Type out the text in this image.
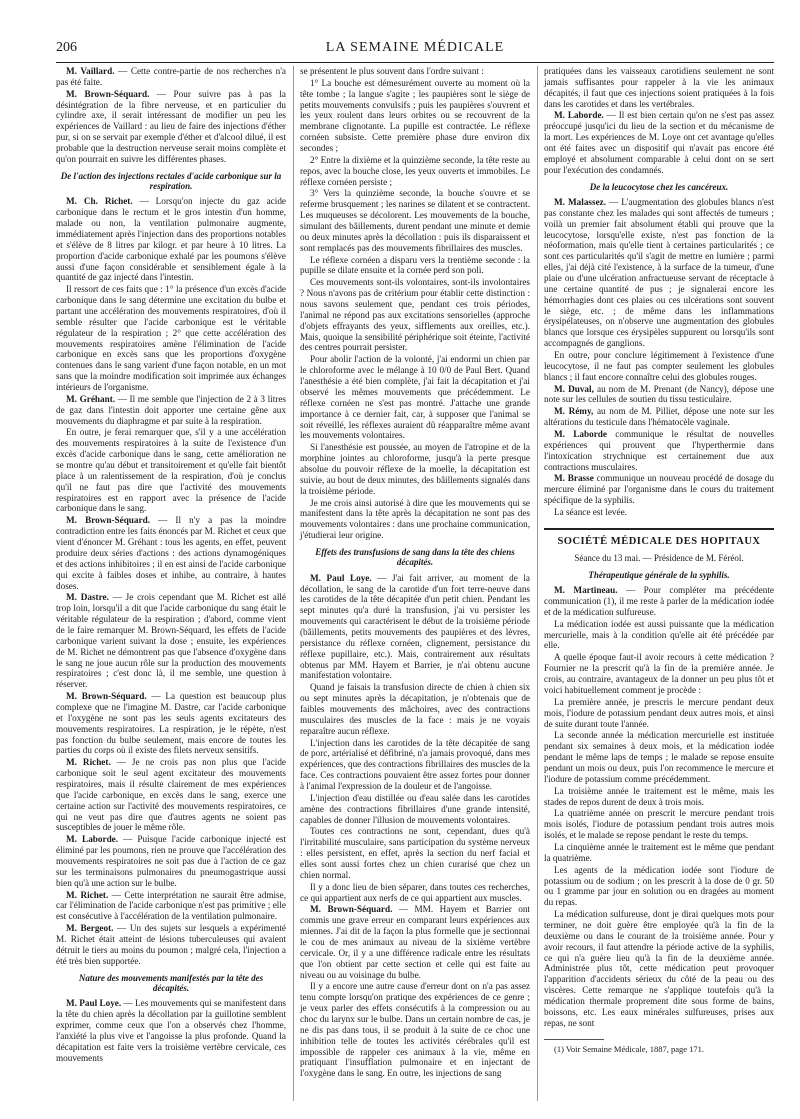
206	LA SEMAINE MÉDICALE

M. Vaillard. — Cette contre-partie de nos recherches n'a pas été faite.

M. Brown-Séquard. — Pour suivre pas à pas la désintégration de la fibre nerveuse, et en particulier du cylindre axe, il serait intéressant de modifier un peu les expériences de Vaillard : au lieu de faire des injections d'éther pur, si on se servait par exemple d'éther et d'alcool dilué, il est probable que la destruction nerveuse serait moins complète et qu'on pourrait en suivre les différentes phases.

De l'action des injections rectales d'acide carbonique sur la respiration.

M. Ch. Richet. — Lorsqu'on injecte du gaz acide carbonique dans le rectum et le gros intestin d'un homme, malade ou non, la ventilation pulmonaire augmente, immédiatement après l'injection dans des proportions notables et s'élève de 8 litres par kilogr. et par heure à 10 litres. La proportion d'acide carbonique exhalé par les poumons s'élève aussi d'une façon considérable et sensiblement égale à la quantité de gaz injecté dans l'intestin.

Il ressort de ces faits que : 1° la présence d'un excès d'acide carbonique dans le sang détermine une excitation du bulbe et partant une accélération des mouvements respiratoires, d'où il semble résulter que l'acide carbonique est le véritable régulateur de la respiration ; 2° que cette accélération des mouvements respiratoires amène l'élimination de l'acide carbonique en excès sans que les proportions d'oxygène contenues dans le sang varient d'une façon notable, en un mot sans que la moindre modification soit imprimée aux échanges intérieurs de l'organisme.

M. Gréhant. — Il me semble que l'injection de 2 à 3 litres de gaz dans l'intestin doit apporter une certaine gêne aux mouvements du diaphragme et par suite à la respiration.

En outre, je ferai remarquer que, s'il y a une accélération des mouvements respiratoires à la suite de l'existence d'un excès d'acide carbonique dans le sang, cette amélioration ne se montre qu'au début et transitoirement et qu'elle fait bientôt place à un ralentissement de la respiration, d'où je conclus qu'il ne faut pas dire que l'activité des mouvements respiratoires est en rapport avec la présence de l'acide carbonique dans le sang.

M. Brown-Séquard. — Il n'y a pas la moindre contradiction entre les faits énoncés par M. Richet et ceux que vient d'énoncer M. Gréhant : tous les agents, en effet, peuvent produire deux séries d'actions : des actions dynamogéniques et des actions inhibitoires ; il en est ainsi de l'acide carbonique qui excite à faibles doses et inhibe, au contraire, à hautes doses.

M. Dastre. — Je crois cependant que M. Richet est allé trop loin, lorsqu'il a dit que l'acide carbonique du sang était le véritable régulateur de la respiration ; d'abord, comme vient de le faire remarquer M. Brown-Séquard, les effets de l'acide carbonique varient suivant la dose ; ensuite, les expériences de M. Richet ne démontrent pas que l'absence d'oxygène dans le sang ne joue aucun rôle sur la production des mouvements respiratoires ; c'est donc là, il me semble, une question à réserver.

M. Brown-Séquard. — La question est beaucoup plus complexe que ne l'imagine M. Dastre, car l'acide carbonique et l'oxygène ne sont pas les seuls agents excitateurs des mouvements respiratoires. La respiration, je le répète, n'est pas fonction du bulbe seulement, mais encore de toutes les parties du corps où il existe des filets nerveux sensitifs.

M. Richet. — Je ne crois pas non plus que l'acide carbonique soit le seul agent excitateur des mouvements respiratoires, mais il résulte clairement de mes expériences que l'acide carbonique, en excès dans le sang, exerce une certaine action sur l'activité des mouvements respiratoires, ce qui ne veut pas dire que d'autres agents ne soient pas susceptibles de jouer le même rôle.

M. Laborde. — Puisque l'acide carbonique injecté est éliminé par les poumons, rien ne prouve que l'accélération des mouvements respiratoires ne soit pas due à l'action de ce gaz sur les terminaisons pulmonaires du pneumogastrique aussi bien qu'à une action sur le bulbe.

M. Richet. — Cette interprétation ne saurait être admise, car l'élimination de l'acide carbonique n'est pas primitive ; elle est consécutive à l'accélération de la ventilation pulmonaire.

M. Bergeot. — Un des sujets sur lesquels a expérimenté M. Richet était atteint de lésions tuberculeuses qui avaient détruit le tiers au moins du poumon ; malgré cela, l'injection a été très bien supportée.

Nature des mouvements manifestés par la tête des décapités.

M. Paul Loye. — Les mouvements qui se manifestent dans la tête du chien après la décollation par la guillotine semblent exprimer, comme ceux que l'on a observés chez l'homme, l'anxiété la plus vive et l'angoisse la plus profonde. Quand la décapitation est faite vers la troisième vertèbre cervicale, ces mouvements

se présentent le plus souvent dans l'ordre suivant :

1° La bouche est démesurément ouverte au moment où la tête tombe ; la langue s'agite ; les paupières sont le siège de petits mouvements convulsifs ; puis les paupières s'ouvrent et les yeux roulent dans leurs orbites ou se recouvrent de la membrane clignotante. La pupille est contractée. Le réflexe cornéen subsiste. Cette première phase dure environ dix secondes ;

2° Entre la dixième et la quinzième seconde, la tête reste au repos, avec la bouche close, les yeux ouverts et immobiles. Le réflexe cornéen persiste ;

3° Vers la quinzième seconde, la bouche s'ouvre et se referme brusquement ; les narines se dilatent et se contractent. Les muqueuses se décolorent. Les mouvements de la bouche, simulant des bâillements, durent pendant une minute et demie ou deux minutes après la décollation : puis ils disparaissent et sont remplacés pas des mouvements fibrillaires des muscles.

Le réflexe cornéen a disparu vers la trentième seconde : la pupille se dilate ensuite et la cornée perd son poli.

Ces mouvements sont-ils volontaires, sont-ils involontaires ? Nous n'avons pas de critérium pour établir cette distinction : nous savons seulement que, pendant ces trois périodes, l'animal ne répond pas aux excitations sensorielles (approche d'objets effrayants des yeux, sifflements aux oreilles, etc.). Mais, quoique la sensibilité périphérique soit éteinte, l'activité des centres pourrait persister.

Pour abolir l'action de la volonté, j'ai endormi un chien par le chloroforme avec le mélange à 10 0/0 de Paul Bert. Quand l'anesthésie a été bien complète, j'ai fait la décapitation et j'ai observé les mêmes mouvements que précédemment. Le réflexe cornéen ne s'est pas montré. J'attache une grande importance à ce dernier fait, car, à supposer que l'animal se soit réveillé, les réflexes auraient dû réapparaître même avant les mouvements volontaires.

Si l'anesthésie est poussée, au moyen de l'atropine et de la morphine jointes au chloroforme, jusqu'à la perte presque absolue du pouvoir réflexe de la moelle, la décapitation est suivie, au bout de deux minutes, des bâillements signalés dans la troisième période.

Je me crois ainsi autorisé à dire que les mouvements qui se manifestent dans la tête après la décapitation ne sont pas des mouvements volontaires : dans une prochaine communication, j'étudierai leur origine.

Effets des transfusions de sang dans la tête des chiens décapités.

M. Paul Loye. — J'ai fait arriver, au moment de la décollation, le sang de la carotide d'un fort terre-neuve dans les carotides de la tête décapitée d'un petit chien. Pendant les sept minutes qu'a duré la transfusion, j'ai vu persister les mouvements qui caractérisent le début de la troisième période (bâillements, petits mouvements des paupières et des lèvres, persistance du réflexe cornéen, clignement, persistance du réflexe pupillaire, etc.). Mais, contrairement aux résultats obtenus par MM. Hayem et Barrier, je n'ai obtenu aucune manifestation volontaire.

Quand je faisais la transfusion directe de chien à chien six ou sept minutes après la décapitation, je n'obtenais que de faibles mouvements des mâchoires, avec des contractions musculaires des muscles de la face : mais je ne voyais reparaître aucun réflexe.

L'injection dans les carotides de la tête décapitée de sang de porc, artérialisé et défibriné, n'a jamais provoqué, dans mes expériences, que des contractions fibrillaires des muscles de la face. Ces contractions pouvaient être assez fortes pour donner à l'animal l'expression de la douleur et de l'angoisse.

L'injection d'eau distillée ou d'eau salée dans les carotides amène des contractions fibrillaires d'une grande intensité, capables de donner l'illusion de mouvements volontaires.

Toutes ces contractions ne sont, cependant, dues qu'à l'irritabilité musculaire, sans participation du système nerveux : elles persistent, en effet, après la section du nerf facial et elles sont aussi fortes chez un chien curarisé que chez un chien normal.

Il y a donc lieu de bien séparer, dans toutes ces recherches, ce qui appartient aux nerfs de ce qui appartient aux muscles.

M. Brown-Séquard. — MM. Hayem et Barrier ont commis une grave erreur en comparant leurs expériences aux miennes. J'ai dit de la façon la plus formelle que je sectionnai le cou de mes animaux au niveau de la sixième vertèbre cervicale. Or, il y a une différence radicale entre les résultats que l'on obtient par cette section et celle qui est faite au niveau ou au voisinage du bulbe.

Il y a encore une autre cause d'erreur dont on n'a pas assez tenu compte lorsqu'on pratique des expériences de ce genre ; je veux parler des effets consécutifs à la compression ou au choc du larynx sur le bulbe. Dans un certain nombre de cas, je ne dis pas dans tous, il se produit à la suite de ce choc une inhibition telle de toutes les activités cérébrales qu'il est impossible de rappeler ces animaux à la vie, même en pratiquant l'insufflation pulmonaire et en injectant de l'oxygène dans le sang. En outre, les injections de sang

pratiquées dans les vaisseaux carotidiens seulement ne sont jamais suffisantes pour rappeler à la vie les animaux décapités, il faut que ces injections soient pratiquées à la fois dans les carotides et dans les vertébrales.

M. Laborde. — Il est bien certain qu'on ne s'est pas assez préoccupé jusqu'ici du lieu de la section et du mécanisme de la mort. Les expériences de M. Loye ont cet avantage qu'elles ont été faites avec un dispositif qui n'avait pas encore été employé et absolument comparable à celui dont on se sert pour l'exécution des condamnés.

De la leucocytose chez les cancéreux.

M. Malassez. — L'augmentation des globules blancs n'est pas constante chez les malades qui sont affectés de tumeurs ; voilà un premier fait absolument établi qui prouve que la leucocytose, lorsqu'elle existe, n'est pas fonction de la néoformation, mais qu'elle tient à certaines particularités ; ce sont ces particularités qu'il s'agit de mettre en lumière ; parmi elles, j'ai déjà cité l'existence, à la surface de la tumeur, d'une plaie ou d'une ulcération anfractueuse servant de réceptacle à une certaine quantité de pus ; je signalerai encore les hémorrhagies dont ces plaies ou ces ulcérations sont souvent le siège, etc. ; de même dans les inflammations érysipélateuses, on n'observe une augmentation des globules blancs que lorsque ces érysipèles suppurent ou lorsqu'ils sont accompagnés de ganglions.

En outre, pour conclure légitimement à l'existence d'une leucocytose, il ne faut pas compter seulement les globules blancs ; il faut encore connaître celui des globules rouges.

M. Duval, au nom de M. Prenant (de Nancy), dépose une note sur les cellules de soutien du tissu testiculaire.

M. Rémy, au nom de M. Pilliet, dépose une note sur les altérations du testicule dans l'hématocèle vaginale.

M. Laborde communique le résultat de nouvelles expériences qui prouvent que l'hyperthermie dans l'intoxication strychnique est certainement due aux contractions musculaires.

M. Brasse communique un nouveau procédé de dosage du mercure éliminé par l'organisme dans le cours du traitement spécifique de la syphilis.

La séance est levée.

SOCIÉTÉ MÉDICALE DES HOPITAUX
Séance du 13 mai. — Présidence de M. Féréol.
Thérapeutique générale de la syphilis.

M. Martineau. — Pour compléter ma précédente communication (1), il me reste à parler de la médication iodée et de la médication sulfureuse.

La médication iodée est aussi puissante que la médication mercurielle, mais à la condition qu'elle ait été précédée par elle.

A quelle époque faut-il avoir recours à cette médication ? Fournier ne la prescrit qu'à la fin de la première année. Je crois, au contraire, avantageux de la donner un peu plus tôt et voici habituellement comment je procède :

La première année, je prescris le mercure pendant deux mois, l'iodure de potassium pendant deux autres mois, et ainsi de suite durant toute l'année.

La seconde année la médication mercurielle est instituée pendant six semaines à deux mois, et la médication iodée pendant le même laps de temps ; le malade se repose ensuite pendant un mois ou deux, puis l'on recommence le mercure et l'iodure de potassium comme précédemment.

La troisième année le traitement est le même, mais les stades de repos durent de deux à trois mois.

La quatrième année on prescrit le mercure pendant trois mois isolés, l'iodure de potassium pendant trois autres mois isolés, et le malade se repose pendant le reste du temps.

La cinquième année le traitement est le même que pendant la quatrième.

Les agents de la médication iodée sont l'iodure de potassium ou de sodium ; on les prescrit à la dose de 0 gr. 50 ou 1 gramme par jour en solution ou en dragées au moment du repas.

La médication sulfureuse, dont je dirai quelques mots pour terminer, ne doit guère être employée qu'à la fin de la deuxième ou dans le courant de la troisième année. Pour y avoir recours, il faut attendre la période active de la syphilis, ce qui n'a guère lieu qu'à la fin de la deuxième année. Administrée plus tôt, cette médication peut provoquer l'apparition d'accidents sérieux du côté de la peau ou des viscères. Cette remarque ne s'applique toutefois qu'à la médication thermale proprement dite sous forme de bains, boissons, etc. Les eaux minérales sulfureuses, prises aux repas, ne sont

(1) Voir Semaine Médicale, 1887, page 171.
